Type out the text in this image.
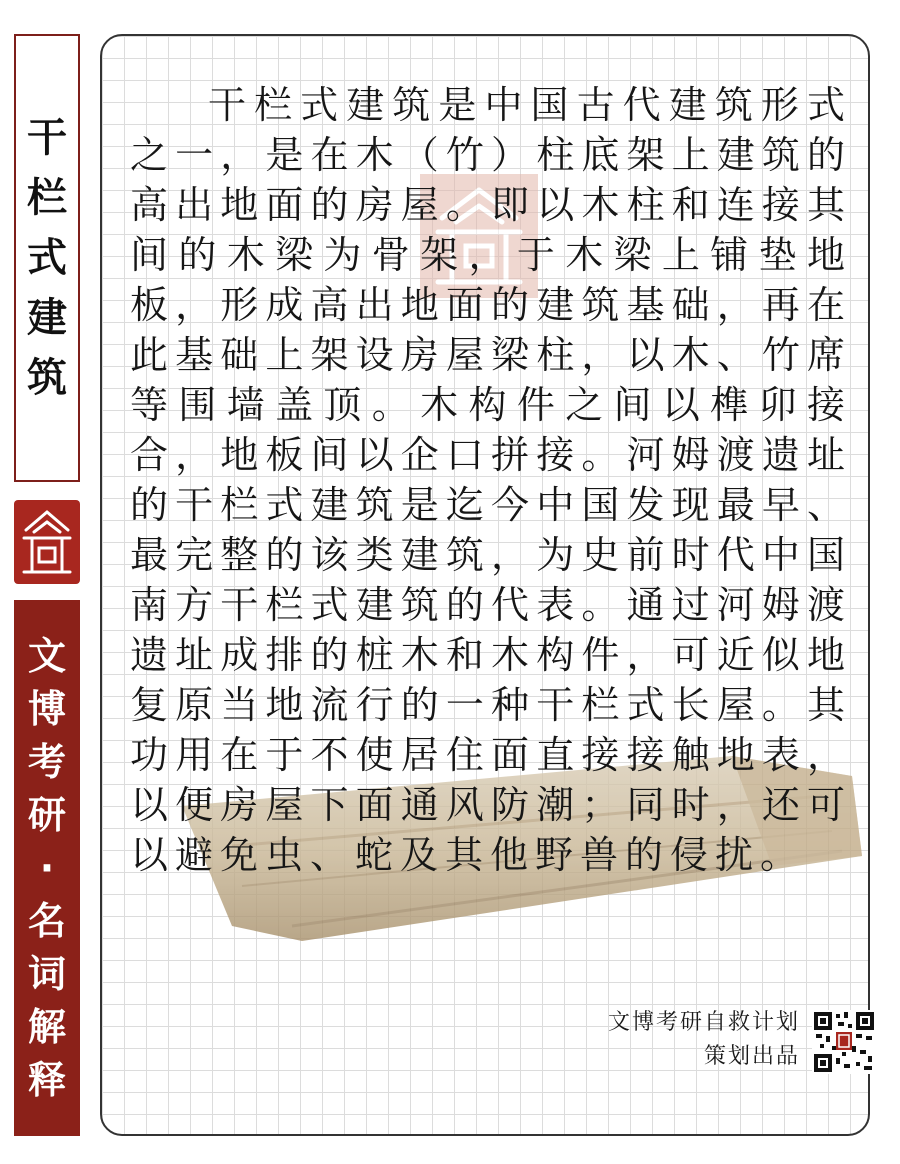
干
栏
式
建
筑
文
博
考
研
·
名
词
解
释

干栏式建筑是中国古代建筑形式之一，是在木（竹）柱底架上建筑的高出地面的房屋。即以木柱和连接其间的木梁为骨架，于木梁上铺垫地板，形成高出地面的建筑基础，再在此基础上架设房屋梁柱，以木、竹席等围墙盖顶。木构件之间以榫卯接合，地板间以企口拼接。河姆渡遗址的干栏式建筑是迄今中国发现最早、最完整的该类建筑，为史前时代中国南方干栏式建筑的代表。通过河姆渡遗址成排的桩木和木构件，可近似地复原当地流行的一种干栏式长屋。其功用在于不使居住面直接接触地表，以便房屋下面通风防潮；同时，还可以避免虫、蛇及其他野兽的侵扰。

文博考研自救计划
策划出品
